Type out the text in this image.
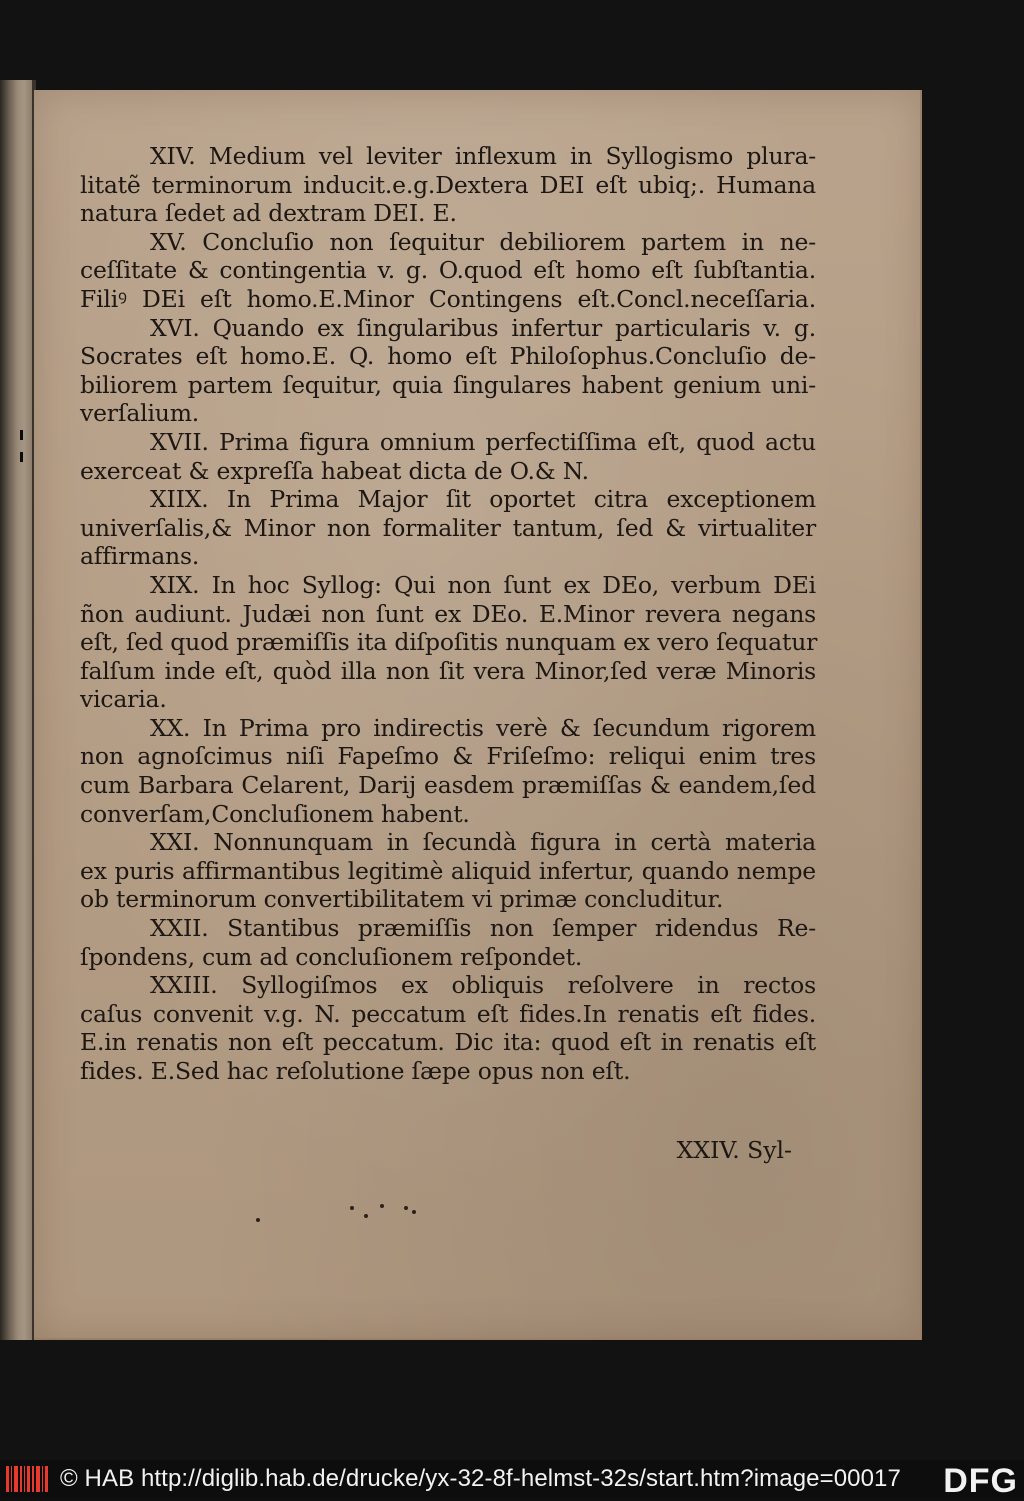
XIV. Medium vel leviter inflexum in Syllogismo plura-
litatẽ terminorum inducit.e.g.Dextera DEI eſt ubiq;. Humana
natura ſedet ad dextram DEI. E.
XV. Concluſio non ſequitur debiliorem partem in ne-
ceſſitate & contingentia v. g. O.quod eſt homo eſt ſubſtantia.
Filiꝰ DEi eſt homo.E.Minor Contingens eſt.Concl.neceſſaria.
XVI. Quando ex ſingularibus infertur particularis v. g.
Socrates eſt homo.E. Q. homo eſt Philoſophus.Concluſio de-
biliorem partem ſequitur, quia ſingulares habent genium uni-
verſalium.
XVII. Prima figura omnium perfectiſſima eſt, quod actu
exerceat & expreſſa habeat dicta de O.& N.
XIIX. In Prima Major ſit oportet citra exceptionem
univerſalis,& Minor non formaliter tantum, ſed & virtualiter
affirmans.
XIX. In hoc Syllog: Qui non ſunt ex DEo, verbum DEi
ñon audiunt. Judæi non ſunt ex DEo. E.Minor revera negans
eſt, ſed quod præmiſſis ita diſpoſitis nunquam ex vero ſequatur
falſum inde eſt, quòd illa non ſit vera Minor,ſed veræ Minoris
vicaria.
XX. In Prima pro indirectis verè & ſecundum rigorem
non agnoſcimus niſi Fapeſmo & Friſeſmo: reliqui enim tres
cum Barbara Celarent, Darij easdem præmiſſas & eandem,ſed
converſam,Concluſionem habent.
XXI. Nonnunquam in ſecundà figura in certà materia
ex puris affirmantibus legitimè aliquid infertur, quando nempe
ob terminorum convertibilitatem vi primæ concluditur.
XXII. Stantibus præmiſſis non ſemper ridendus Re-
ſpondens, cum ad concluſionem reſpondet.
XXIII. Syllogiſmos ex obliquis reſolvere in rectos
caſus convenit v.g. N. peccatum eſt fides.In renatis eſt fides.
E.in renatis non eſt peccatum. Dic ita: quod eſt in renatis eſt
fides. E.Sed hac reſolutione ſæpe opus non eſt.
XXIV. Syl-
© HAB http://diglib.hab.de/drucke/yx-32-8f-helmst-32s/start.htm?image=00017 DFG
